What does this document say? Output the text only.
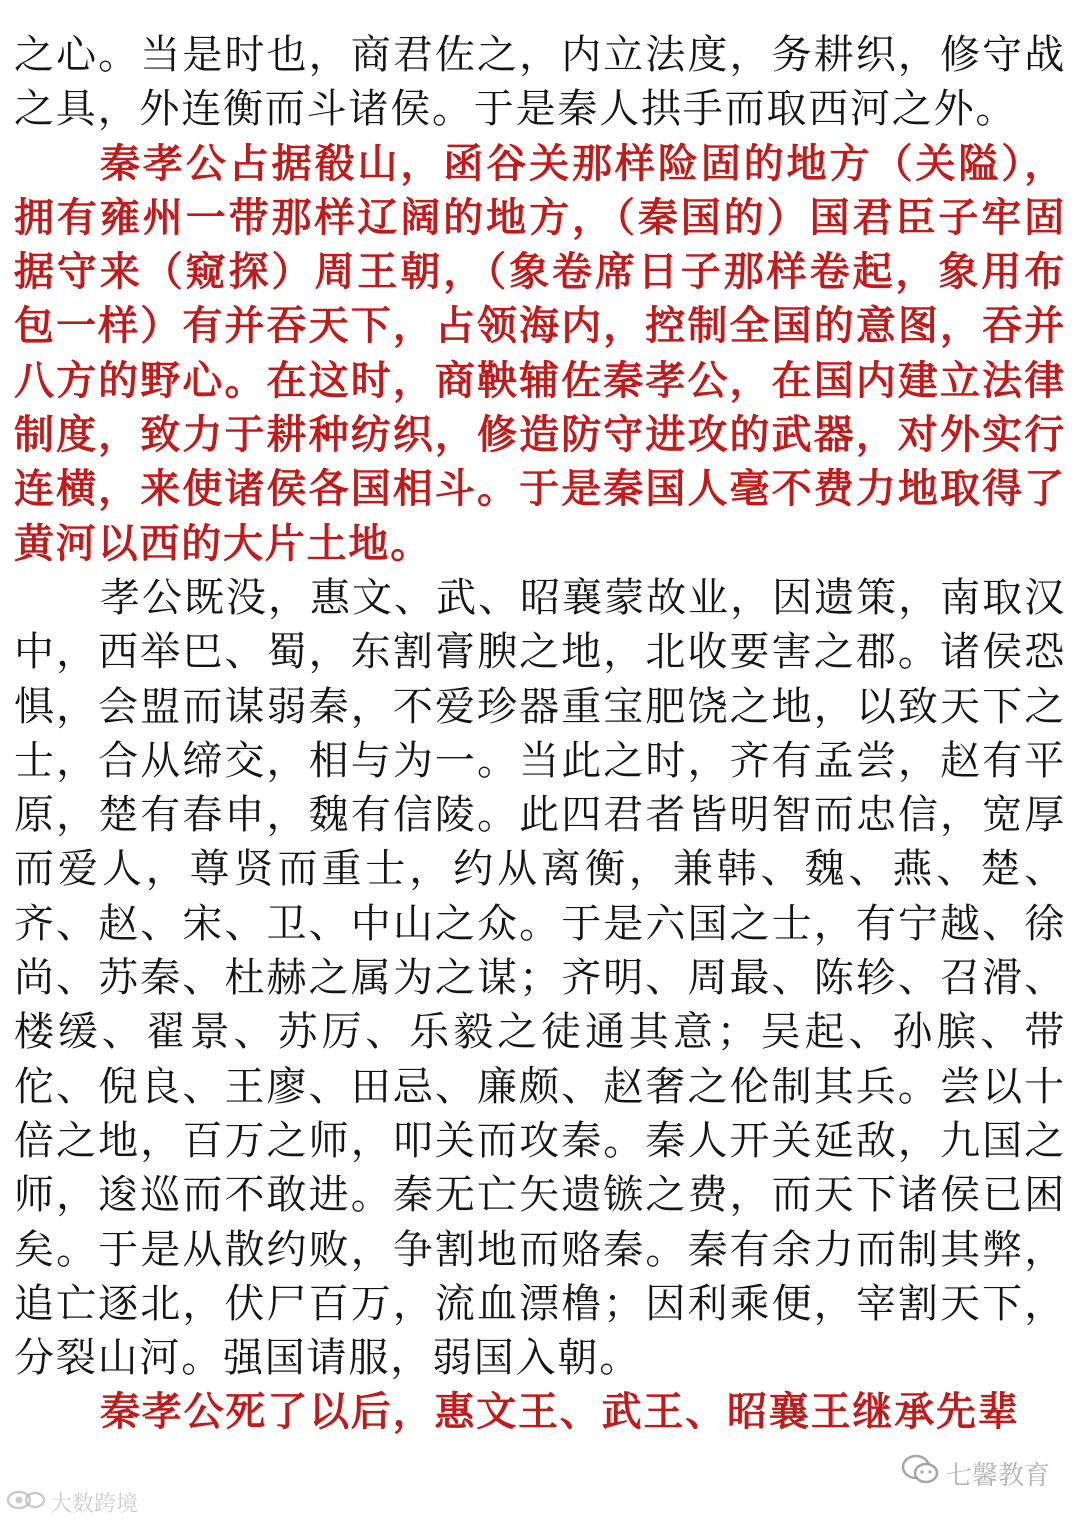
之心。当是时也，商君佐之，内立法度，务耕织，修守战之具，外连衡而斗诸侯。于是秦人拱手而取西河之外。

秦孝公占据殽山，函谷关那样险固的地方（关隘），拥有雍州一带那样辽阔的地方，（秦国的）国君臣子牢固据守来（窥探）周王朝，（象卷席日子那样卷起，象用布包一样）有并吞天下，占领海内，控制全国的意图，吞并八方的野心。在这时，商鞅辅佐秦孝公，在国内建立法律制度，致力于耕种纺织，修造防守进攻的武器，对外实行连横，来使诸侯各国相斗。于是秦国人毫不费力地取得了黄河以西的大片土地。

孝公既没，惠文、武、昭襄蒙故业，因遗策，南取汉中，西举巴、蜀，东割膏腴之地，北收要害之郡。诸侯恐惧，会盟而谋弱秦，不爱珍器重宝肥饶之地，以致天下之士，合从缔交，相与为一。当此之时，齐有孟尝，赵有平原，楚有春申，魏有信陵。此四君者皆明智而忠信，宽厚而爱人，尊贤而重士，约从离衡，兼韩、魏、燕、楚、齐、赵、宋、卫、中山之众。于是六国之士，有宁越、徐尚、苏秦、杜赫之属为之谋；齐明、周最、陈轸、召滑、楼缓、翟景、苏厉、乐毅之徒通其意；吴起、孙膑、带佗、倪良、王廖、田忌、廉颇、赵奢之伦制其兵。尝以十倍之地，百万之师，叩关而攻秦。秦人开关延敌，九国之师，逡巡而不敢进。秦无亡矢遗镞之费，而天下诸侯已困矣。于是从散约败，争割地而赂秦。秦有余力而制其弊，追亡逐北，伏尸百万，流血漂橹；因利乘便，宰割天下，分裂山河。强国请服，弱国入朝。

秦孝公死了以后，惠文王、武王、昭襄王继承先辈

大数跨境
七馨教育
